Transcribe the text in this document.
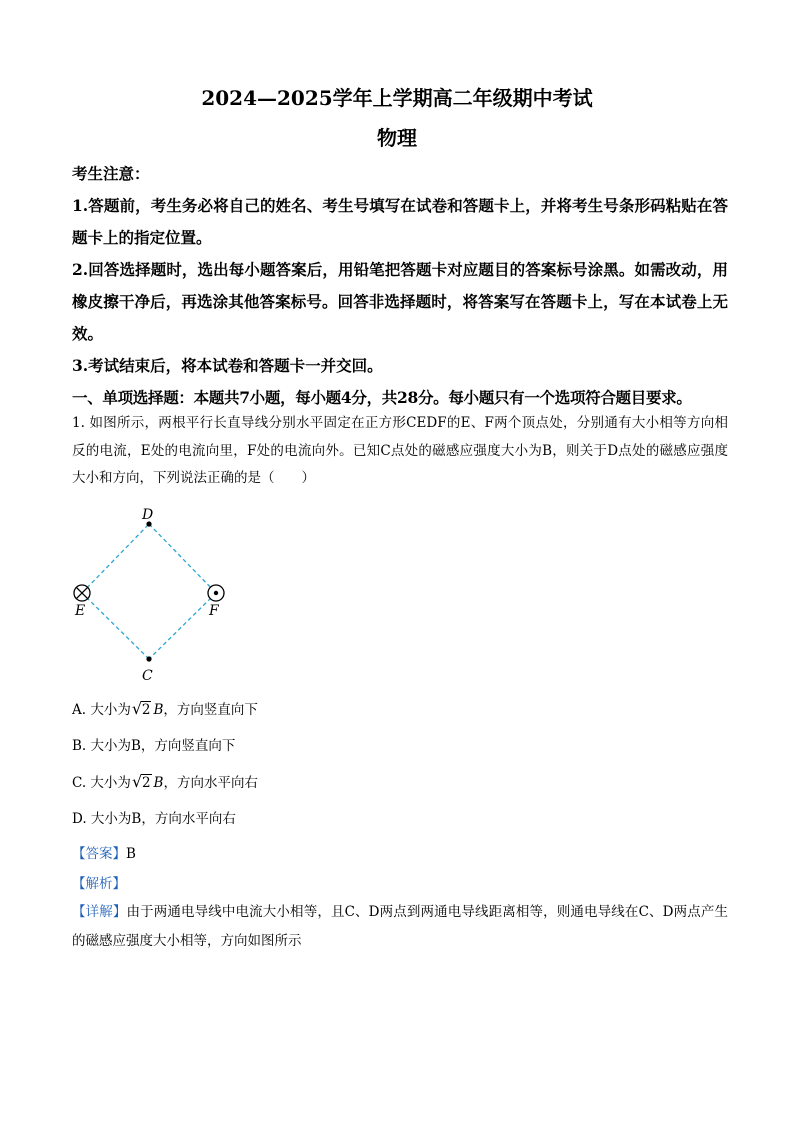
2024—2025学年上学期高二年级期中考试
物理

考生注意：

1.答题前，考生务必将自己的姓名、考生号填写在试卷和答题卡上，并将考生号条形码粘贴在答题卡上的指定位置。

2.回答选择题时，选出每小题答案后，用铅笔把答题卡对应题目的答案标号涂黑。如需改动，用橡皮擦干净后，再选涂其他答案标号。回答非选择题时，将答案写在答题卡上，写在本试卷上无效。

3.考试结束后，将本试卷和答题卡一并交回。

一、单项选择题：本题共7小题，每小题4分，共28分。每小题只有一个选项符合题目要求。

1. 如图所示，两根平行长直导线分别水平固定在正方形CEDF的E、F两个顶点处，分别通有大小相等方向相反的电流，E处的电流向里，F处的电流向外。已知C点处的磁感应强度大小为B，则关于D点处的磁感应强度大小和方向，下列说法正确的是（　　）

D
E	F
C
A. 大小为 √ 2 B，方向竖直向下
B. 大小为B，方向竖直向下
C. 大小为 √ 2 B，方向水平向右
D. 大小为B，方向水平向右
【答案】B
【解析】

【详解】由于两通电导线中电流大小相等，且C、D两点到两通电导线距离相等，则通电导线在C、D两点产生的磁感应强度大小相等，方向如图所示
